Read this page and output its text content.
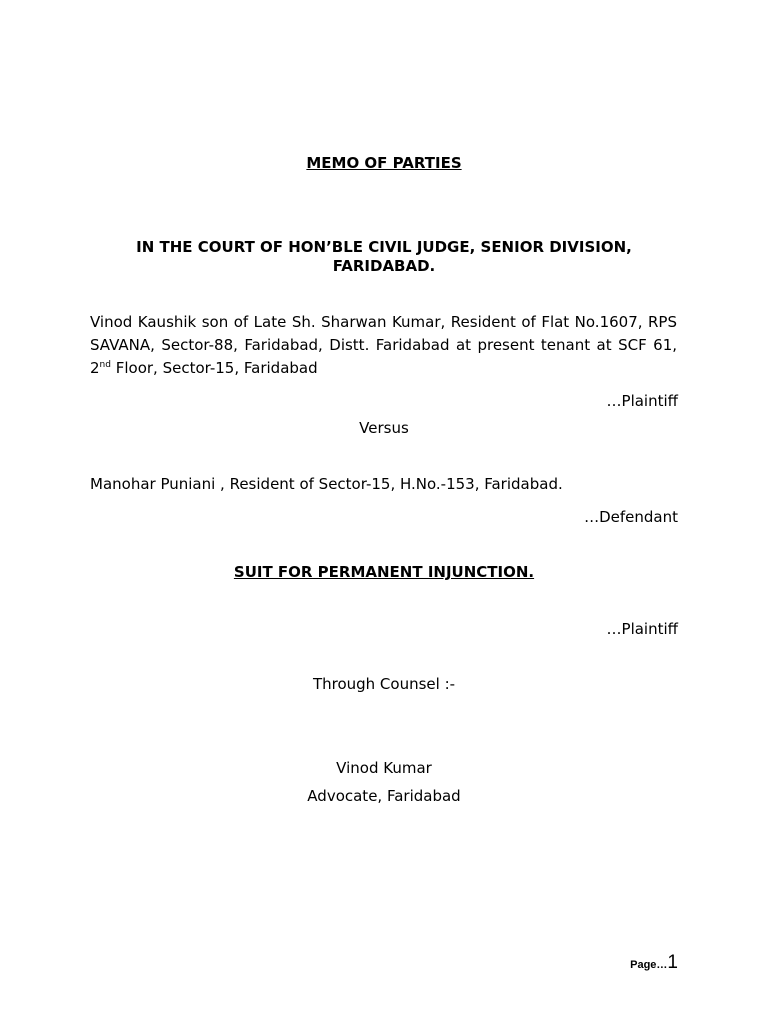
MEMO OF PARTIES
IN THE COURT OF HON’BLE CIVIL JUDGE, SENIOR DIVISION,
FARIDABAD.
Vinod Kaushik son of Late Sh. Sharwan Kumar, Resident of Flat No.1607, RPS SAVANA, Sector-88, Faridabad, Distt. Faridabad at present tenant at SCF 61, 2nd Floor, Sector-15, Faridabad
…Plaintiff
Versus
Manohar Puniani , Resident of Sector-15, H.No.-153, Faridabad.
…Defendant
SUIT FOR PERMANENT INJUNCTION.
…Plaintiff
Through Counsel :-
Vinod Kumar
Advocate, Faridabad
Page…1
